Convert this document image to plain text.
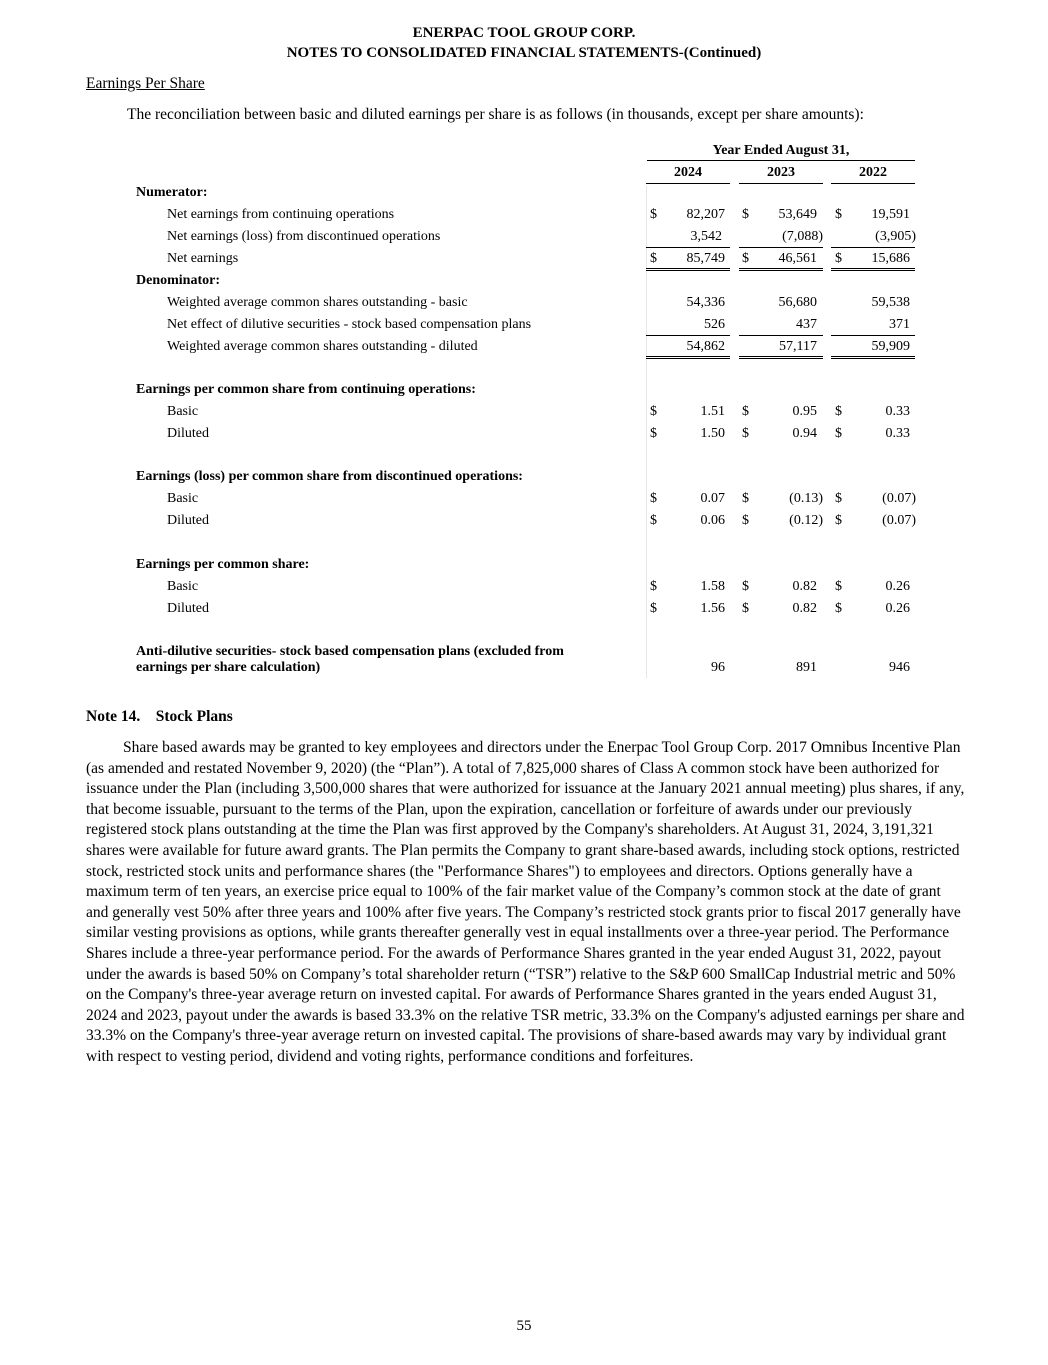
ENERPAC TOOL GROUP CORP.
NOTES TO CONSOLIDATED FINANCIAL STATEMENTS-(Continued)
Earnings Per Share
The reconciliation between basic and diluted earnings per share is as follows (in thousands, except per share amounts):
Year Ended August 31,
2024	2023	2022
Numerator:
Net earnings from continuing operations	$	82,207 $	53,649 $	19,591
Net earnings (loss) from discontinued operations	3,542	(7,088)	(3,905)
Net earnings	$	85,749 $	46,561 $	15,686
Denominator:
Weighted average common shares outstanding - basic	54,336	56,680	59,538
Net effect of dilutive securities - stock based compensation plans	526	437	371
Weighted average common shares outstanding - diluted	54,862	57,117	59,909
Earnings per common share from continuing operations:
Basic	$	1.51 $	0.95 $	0.33
Diluted	$	1.50 $	0.94 $	0.33
Earnings (loss) per common share from discontinued operations:
Basic	$	0.07 $	(0.13) $	(0.07)
Diluted	$	0.06 $	(0.12) $	(0.07)
Earnings per common share:
Basic	$	1.58 $	0.82 $	0.26
Diluted	$	1.56 $	0.82 $	0.26
Anti-dilutive securities- stock based compensation plans (excluded from
earnings per share calculation)	96	891	946
Note 14.    Stock Plans

Share based awards may be granted to key employees and directors under the Enerpac Tool Group Corp. 2017 Omnibus Incentive Plan (as amended and restated November 9, 2020) (the “Plan”). A total of 7,825,000 shares of Class A common stock have been authorized for issuance under the Plan (including 3,500,000 shares that were authorized for issuance at the January 2021 annual meeting) plus shares, if any, that become issuable, pursuant to the terms of the Plan, upon the expiration, cancellation or forfeiture of awards under our previously registered stock plans outstanding at the time the Plan was first approved by the Company's shareholders. At August 31, 2024, 3,191,321 shares were available for future award grants. The Plan permits the Company to grant share-based awards, including stock options, restricted stock, restricted stock units and performance shares (the "Performance Shares") to employees and directors. Options generally have a maximum term of ten years, an exercise price equal to 100% of the fair market value of the Company’s common stock at the date of grant and generally vest 50% after three years and 100% after five years. The Company’s restricted stock grants prior to fiscal 2017 generally have similar vesting provisions as options, while grants thereafter generally vest in equal installments over a three-year period. The Performance Shares include a three-year performance period. For the awards of Performance Shares granted in the year ended August 31, 2022, payout under the awards is based 50% on Company’s total shareholder return (“TSR”) relative to the S&P 600 SmallCap Industrial metric and 50% on the Company's three-year average return on invested capital. For awards of Performance Shares granted in the years ended August 31, 2024 and 2023, payout under the awards is based 33.3% on the relative TSR metric, 33.3% on the Company's adjusted earnings per share and 33.3% on the Company's three-year average return on invested capital. The provisions of share-based awards may vary by individual grant with respect to vesting period, dividend and voting rights, performance conditions and forfeitures.

55
